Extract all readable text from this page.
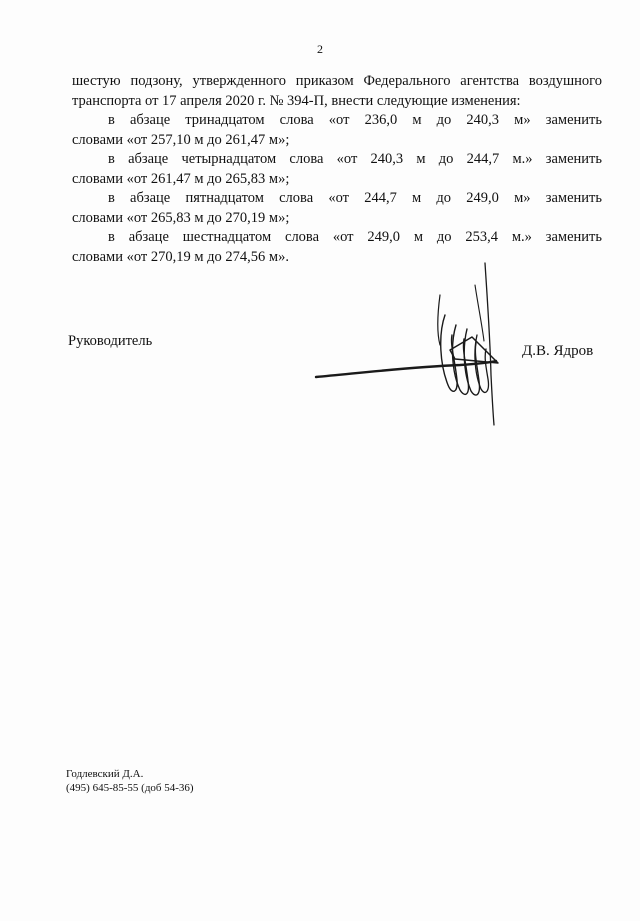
2
шестую подзону, утвержденного приказом Федерального агентства воздушного
транспорта от 17 апреля 2020 г. № 394-П, внести следующие изменения:
в абзаце тринадцатом слова «от 236,0 м до 240,3 м» заменить
словами «от 257,10 м до 261,47 м»;
в абзаце четырнадцатом слова «от 240,3 м до 244,7 м.» заменить
словами «от 261,47 м до 265,83 м»;
в абзаце пятнадцатом слова «от 244,7 м до 249,0 м» заменить
словами «от 265,83 м до 270,19 м»;
в абзаце шестнадцатом слова «от 249,0 м до 253,4 м.» заменить
словами «от 270,19 м до 274,56 м».
Руководитель
Д.В. Ядров
Годлевский Д.А.
(495) 645-85-55 (доб 54-36)
